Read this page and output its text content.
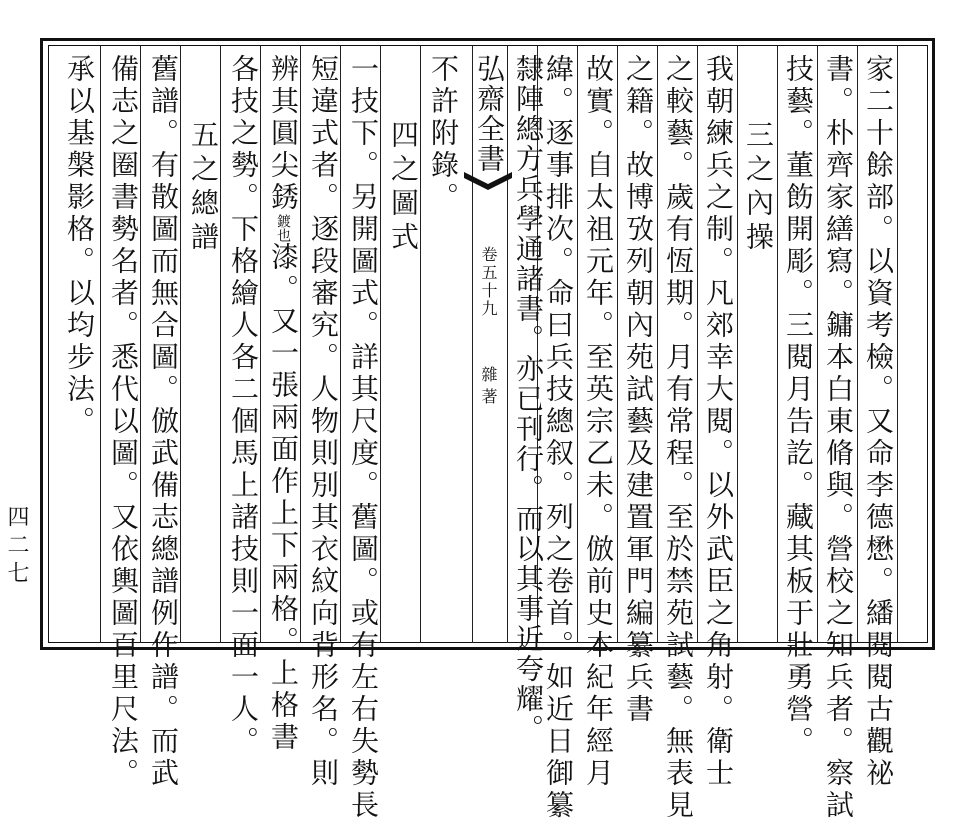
家二十餘部。以資考檢。又命李德懋。繙閱閱古觀祕
書。朴齊家繕寫。鏞本白東脩與。營校之知兵者。察試
技藝。董飭開彫。三閱月告訖。藏其板于壯勇營。
三之內操
我朝練兵之制。凡郊幸大閱。以外武臣之角射。衛士
之較藝。歲有恆期。月有常程。至於禁苑試藝。無表見
之籍。故博攷列朝內苑試藝及建置軍門編纂兵書
故實。自太祖元年。至英宗乙未。倣前史本紀年經月
緯。逐事排次。命曰兵技總叙。列之卷首。如近日御纂
隸陣總方兵學通諸書。亦已刊行。而以其事近夸耀。
弘齋全書
卷五十九
雜著
不許附錄。
四之圖式
一技下。另開圖式。詳其尺度。舊圖。或有左右失勢長
短違式者。逐段審究。人物則別其衣紋向背形名。則
辨其圓尖銹鍍也漆。又一張兩面作上下兩格。上格書
各技之勢。下格繪人各二個馬上諸技則一面一人。
五之總譜
舊譜。有散圖而無合圖。倣武備志總譜例作譜。而武
備志之圈書勢名者。悉代以圖。又依輿圖百里尺法。
承以基槃影格。以均步法。
四二七
